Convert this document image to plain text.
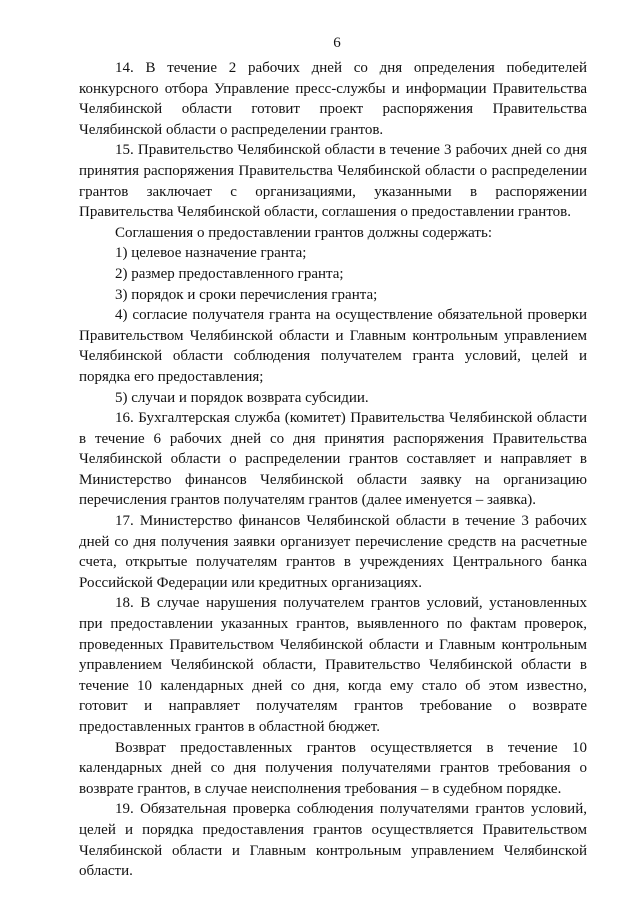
6

14. В течение 2 рабочих дней со дня определения победителей конкурсного отбора Управление пресс-службы и информации Правительства Челябинской области готовит проект распоряжения Правительства Челябинской области о распределении грантов.

15. Правительство Челябинской области в течение 3 рабочих дней со дня принятия распоряжения Правительства Челябинской области о распределении грантов заключает с организациями, указанными в распоряжении Правительства Челябинской области, соглашения о предоставлении грантов.

Соглашения о предоставлении грантов должны содержать:

1) целевое назначение гранта;

2) размер предоставленного гранта;

3) порядок и сроки перечисления гранта;

4) согласие получателя гранта на осуществление обязательной проверки Правительством Челябинской области и Главным контрольным управлением Челябинской области соблюдения получателем гранта условий, целей и порядка его предоставления;

5) случаи и порядок возврата субсидии.

16. Бухгалтерская служба (комитет) Правительства Челябинской области в течение 6 рабочих дней со дня принятия распоряжения Правительства Челябинской области о распределении грантов составляет и направляет в Министерство финансов Челябинской области заявку на организацию перечисления грантов получателям грантов (далее именуется – заявка).

17. Министерство финансов Челябинской области в течение 3 рабочих дней со дня получения заявки организует перечисление средств на расчетные счета, открытые получателям грантов в учреждениях Центрального банка Российской Федерации или кредитных организациях.

18. В случае нарушения получателем грантов условий, установленных при предоставлении указанных грантов, выявленного по фактам проверок, проведенных Правительством Челябинской области и Главным контрольным управлением Челябинской области, Правительство Челябинской области в течение 10 календарных дней со дня, когда ему стало об этом известно, готовит и направляет получателям грантов требование о возврате предоставленных грантов в областной бюджет.

Возврат предоставленных грантов осуществляется в течение 10 календарных дней со дня получения получателями грантов требования о возврате грантов, в случае неисполнения требования – в судебном порядке.

19. Обязательная проверка соблюдения получателями грантов условий, целей и порядка предоставления грантов осуществляется Правительством Челябинской области и Главным контрольным управлением Челябинской области.
